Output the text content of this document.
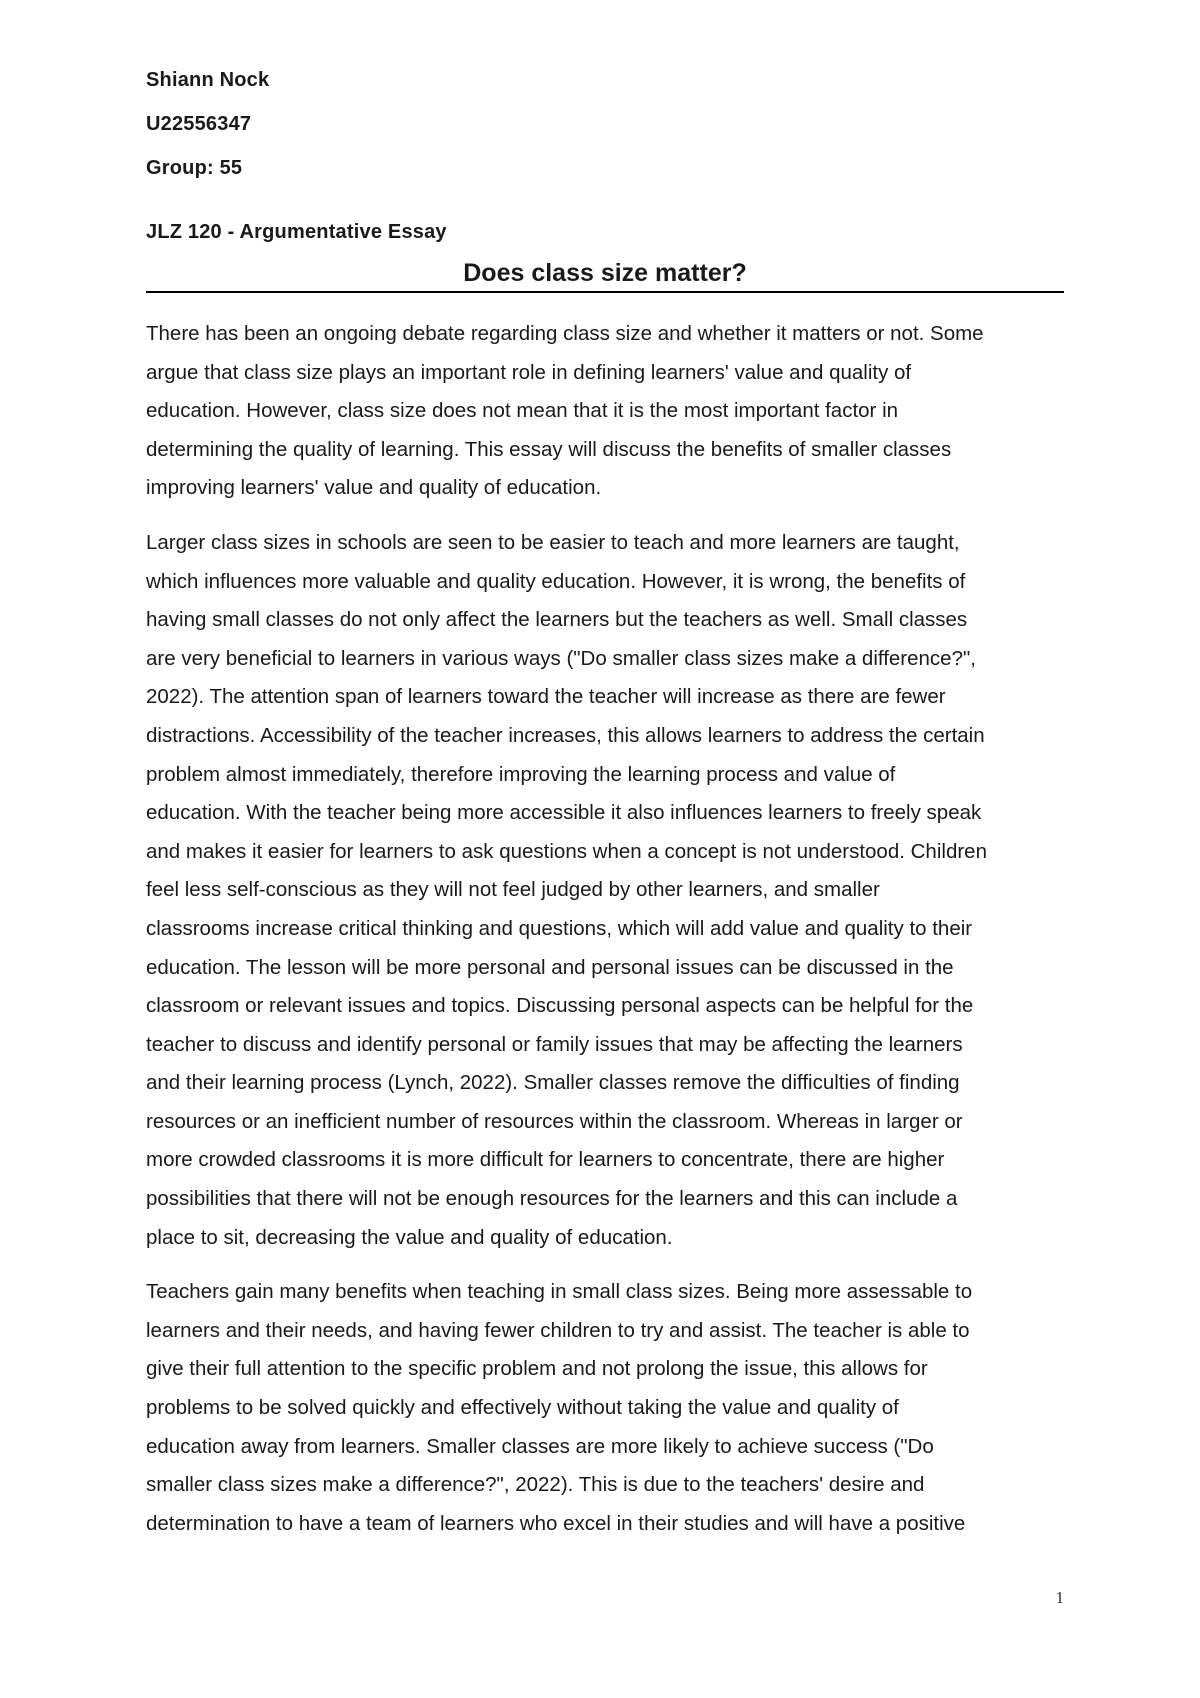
Shiann Nock

U22556347

Group: 55

JLZ 120 - Argumentative Essay

Does class size matter?
There has been an ongoing debate regarding class size and whether it matters or not. Some
argue that class size plays an important role in defining learners' value and quality of
education. However, class size does not mean that it is the most important factor in
determining the quality of learning. This essay will discuss the benefits of smaller classes
improving learners' value and quality of education.
Larger class sizes in schools are seen to be easier to teach and more learners are taught,
which influences more valuable and quality education. However, it is wrong, the benefits of
having small classes do not only affect the learners but the teachers as well. Small classes
are very beneficial to learners in various ways ("Do smaller class sizes make a difference?",
2022). The attention span of learners toward the teacher will increase as there are fewer
distractions. Accessibility of the teacher increases, this allows learners to address the certain
problem almost immediately, therefore improving the learning process and value of
education. With the teacher being more accessible it also influences learners to freely speak
and makes it easier for learners to ask questions when a concept is not understood. Children
feel less self-conscious as they will not feel judged by other learners, and smaller
classrooms increase critical thinking and questions, which will add value and quality to their
education. The lesson will be more personal and personal issues can be discussed in the
classroom or relevant issues and topics. Discussing personal aspects can be helpful for the
teacher to discuss and identify personal or family issues that may be affecting the learners
and their learning process (Lynch, 2022). Smaller classes remove the difficulties of finding
resources or an inefficient number of resources within the classroom. Whereas in larger or
more crowded classrooms it is more difficult for learners to concentrate, there are higher
possibilities that there will not be enough resources for the learners and this can include a
place to sit, decreasing the value and quality of education.
Teachers gain many benefits when teaching in small class sizes. Being more assessable to
learners and their needs, and having fewer children to try and assist. The teacher is able to
give their full attention to the specific problem and not prolong the issue, this allows for
problems to be solved quickly and effectively without taking the value and quality of
education away from learners. Smaller classes are more likely to achieve success ("Do
smaller class sizes make a difference?", 2022). This is due to the teachers' desire and
determination to have a team of learners who excel in their studies and will have a positive
1
